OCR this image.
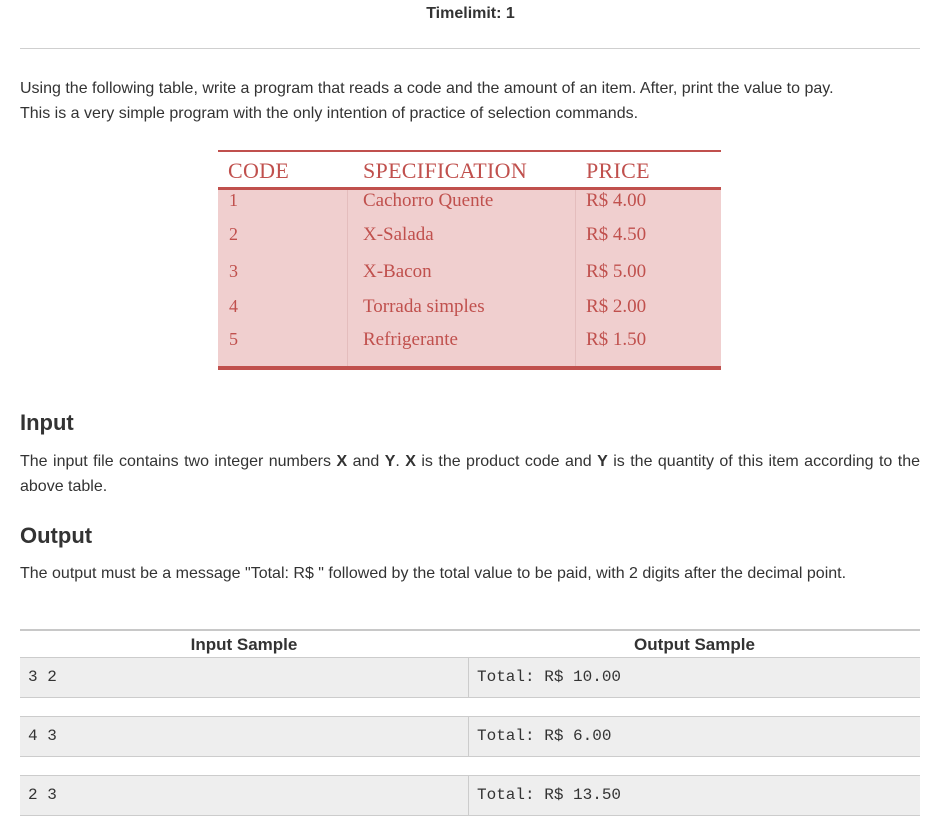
Timelimit: 1
Using the following table, write a program that reads a code and the amount of an item. After, print the value to pay.
This is a very simple program with the only intention of practice of selection commands.
CODE	SPECIFICATION	PRICE
1	Cachorro Quente	R$ 4.00
2	X-Salada	R$ 4.50
3	X-Bacon	R$ 5.00
4	Torrada simples	R$ 2.00
5	Refrigerante	R$ 1.50
Input
The input file contains two integer numbers X and Y. X is the product code and Y is the quantity of this item according to the above table.
Output
The output must be a message "Total: R$ " followed by the total value to be paid, with 2 digits after the decimal point.
Input Sample	Output Sample
3 2	Total: R$ 10.00
4 3	Total: R$ 6.00
2 3	Total: R$ 13.50
